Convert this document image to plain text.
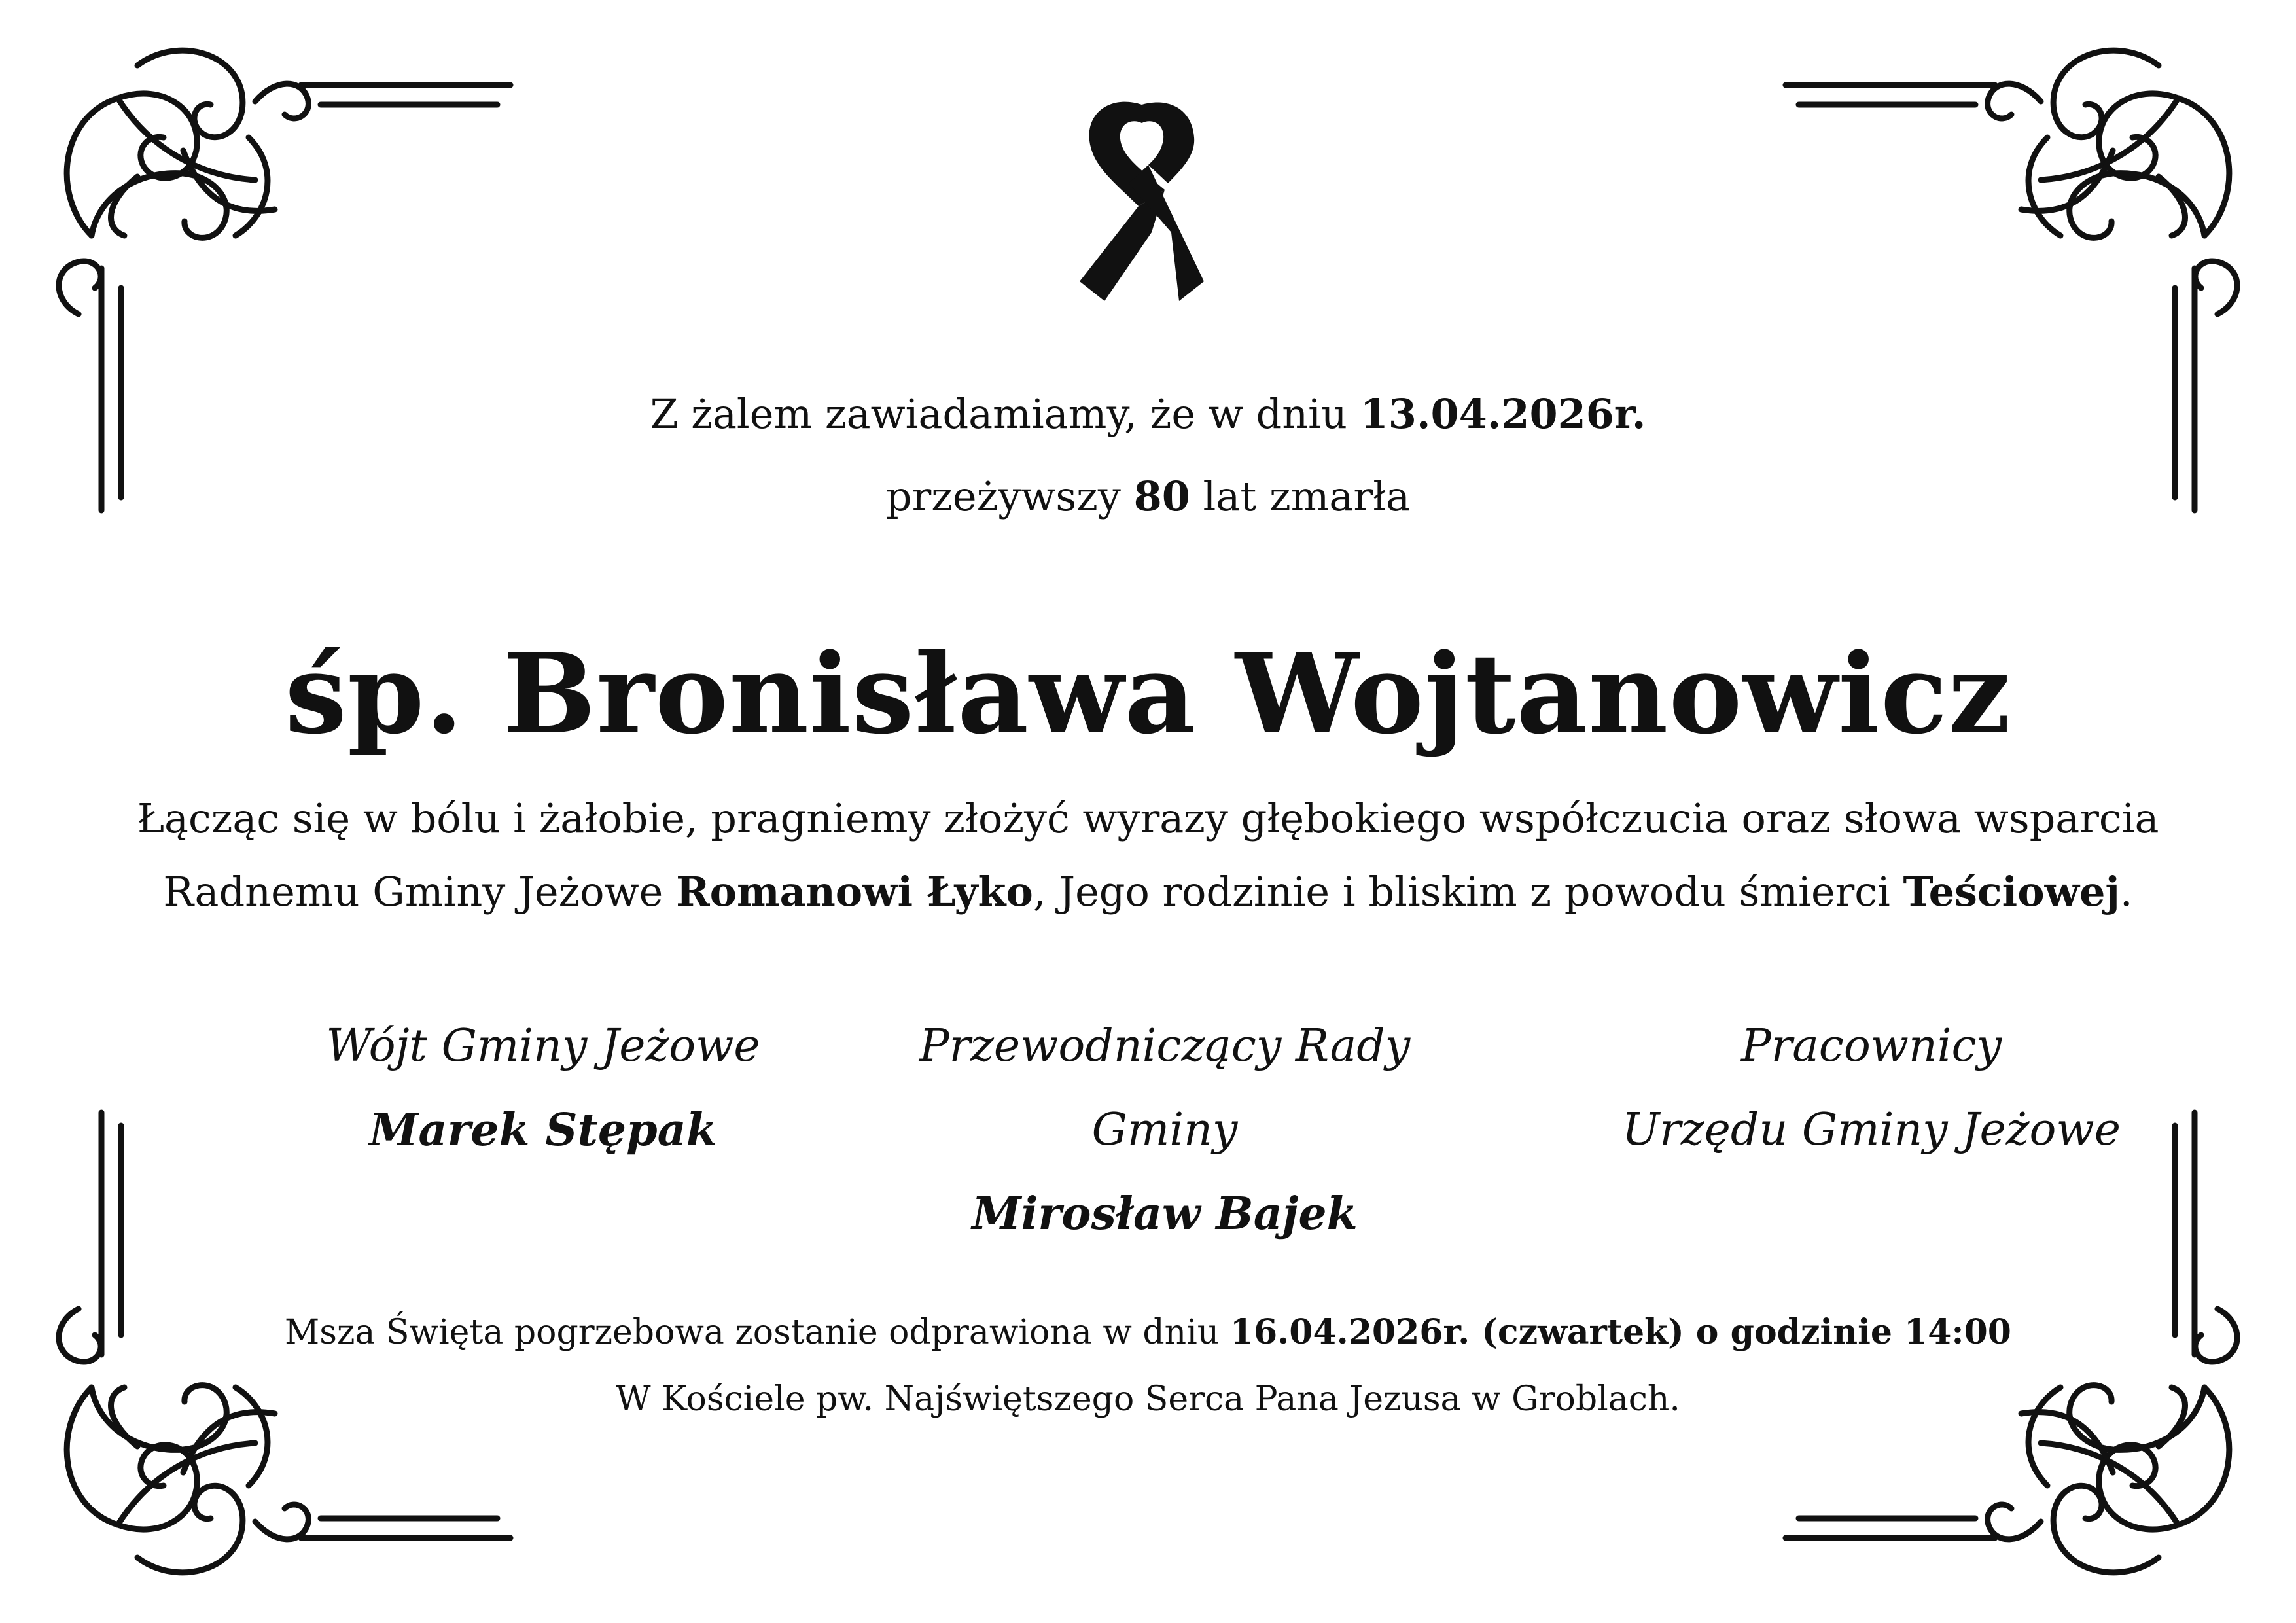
Z żalem zawiadamiamy, że w dniu 13.04.2026r.
przeżywszy 80 lat zmarła
śp. Bronisława Wojtanowicz
Łącząc się w bólu i żałobie, pragniemy złożyć wyrazy głębokiego współczucia oraz słowa wsparcia
Radnemu Gminy Jeżowe Romanowi Łyko, Jego rodzinie i bliskim z powodu śmierci Teściowej.
Wójt Gminy Jeżowe
Marek Stępak
Przewodniczący Rady Gminy
Mirosław Bajek
Pracownicy
Urzędu Gminy Jeżowe
Msza Święta pogrzebowa zostanie odprawiona w dniu 16.04.2026r. (czwartek) o godzinie 14:00
W Kościele pw. Najświętszego Serca Pana Jezusa w Groblach.
